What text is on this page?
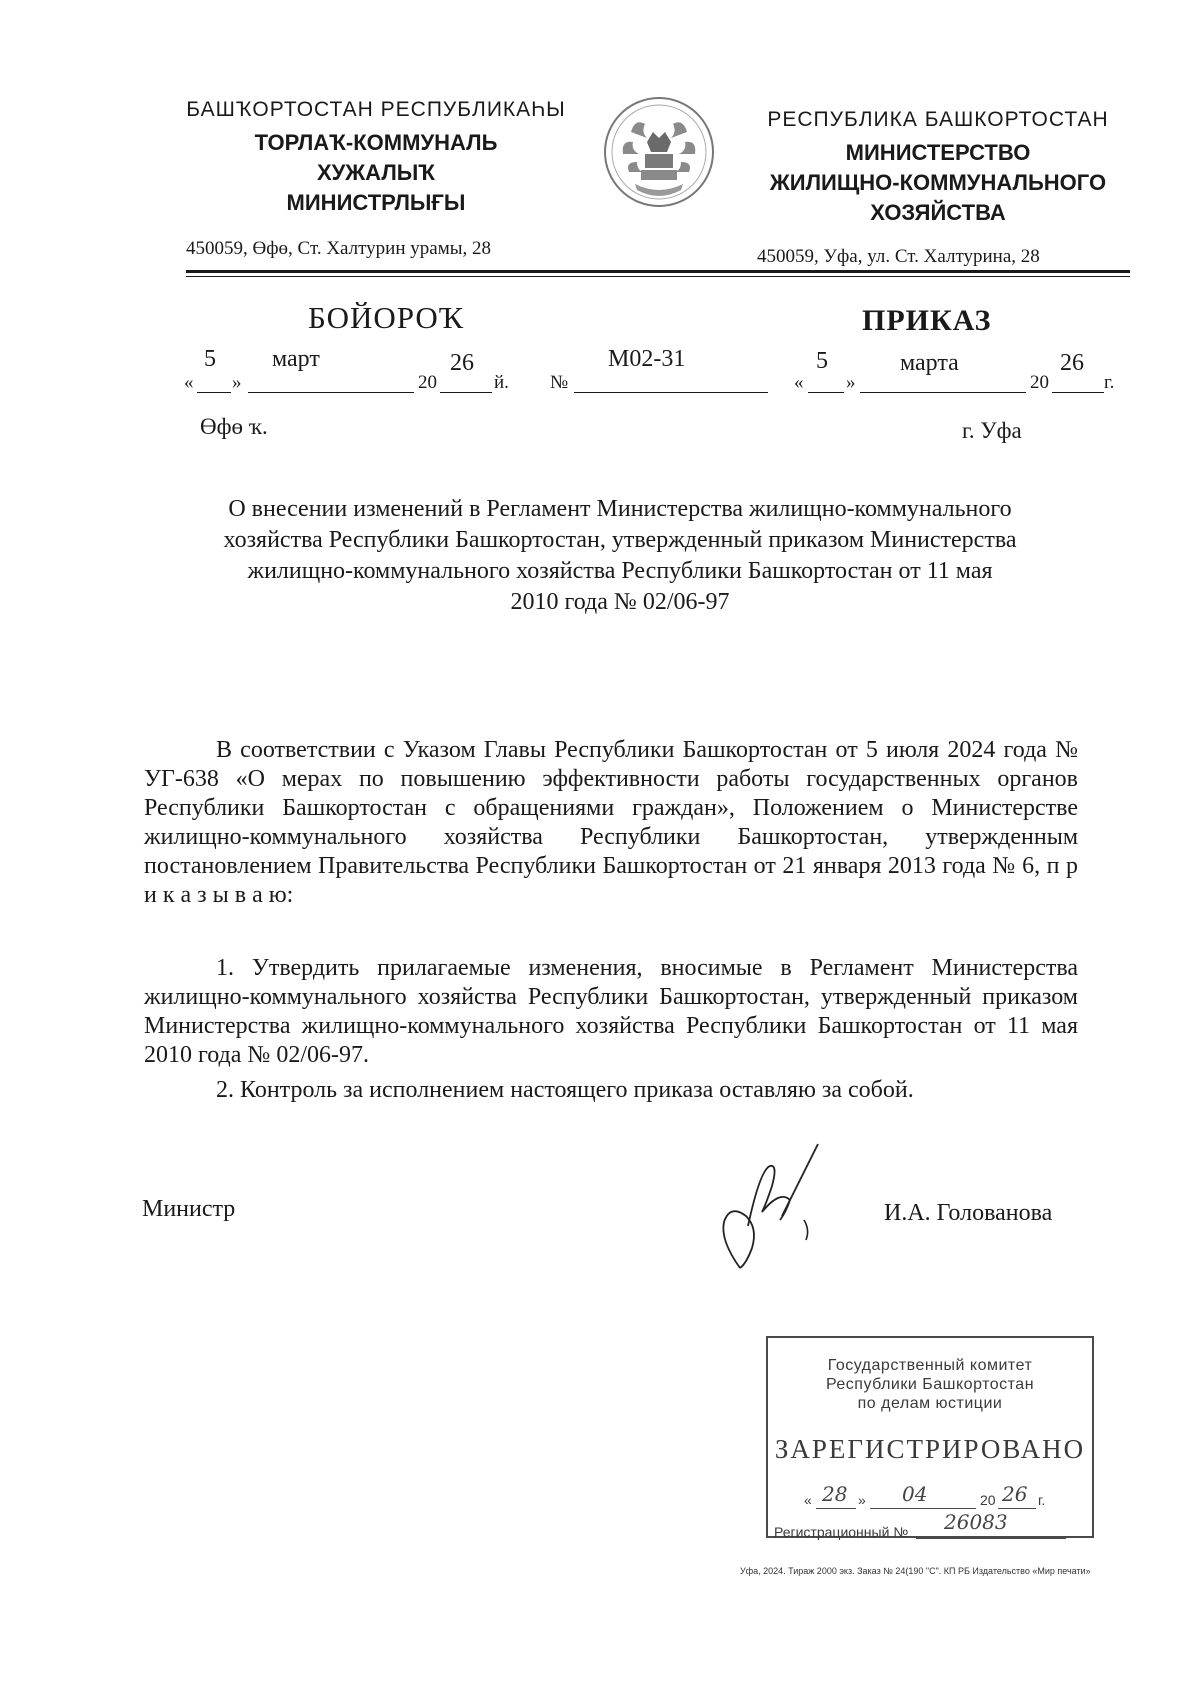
БАШҠОРТОСТАН РЕСПУБЛИКАҺЫ
ТОРЛАҠ-КОММУНАЛЬ
ХУЖАЛЫҠ
МИНИСТРЛЫҒЫ
РЕСПУБЛИКА БАШКОРТОСТАН
МИНИСТЕРСТВО
ЖИЛИЩНО-КОММУНАЛЬНОГО
ХОЗЯЙСТВА
450059, Өфө, Ст. Халтурин урамы, 28	450059, Уфа, ул. Ст. Халтурина, 28
БОЙОРОҠ	ПРИКАЗ
«
5
»
март
20
26
й. №
М02-31
«
5
»
марта
20
26
г.
Өфө ҡ.	г. Уфа
О внесении изменений в Регламент Министерства жилищно-коммунального
хозяйства Республики Башкортостан, утвержденный приказом Министерства
жилищно-коммунального хозяйства Республики Башкортостан от 11 мая
2010 года № 02/06-97
В соответствии с Указом Главы Республики Башкортостан от 5 июля 2024 года № УГ-638 «О мерах по повышению эффективности работы государственных органов Республики Башкортостан с обращениями граждан», Положением о Министерстве жилищно-коммунального хозяйства Республики Башкортостан, утвержденным постановлением Правительства Республики Башкортостан от 21 января 2013 года № 6, п р и к а з ы в а ю:
1. Утвердить прилагаемые изменения, вносимые в Регламент Министерства жилищно-коммунального хозяйства Республики Башкортостан, утвержденный приказом Министерства жилищно-коммунального хозяйства Республики Башкортостан от 11 мая 2010 года № 02/06-97.
2. Контроль за исполнением настоящего приказа оставляю за собой.
Министр	И.А. Голованова
Государственный комитет
Республики Башкортостан
по делам юстиции
ЗАРЕГИСТРИРОВАНО
« 28 » 04	20 26 г.
Регистрационный № 26083
Уфа, 2024. Тираж 2000 экз. Заказ № 24(190 "С". КП РБ Издательство «Мир печати»
